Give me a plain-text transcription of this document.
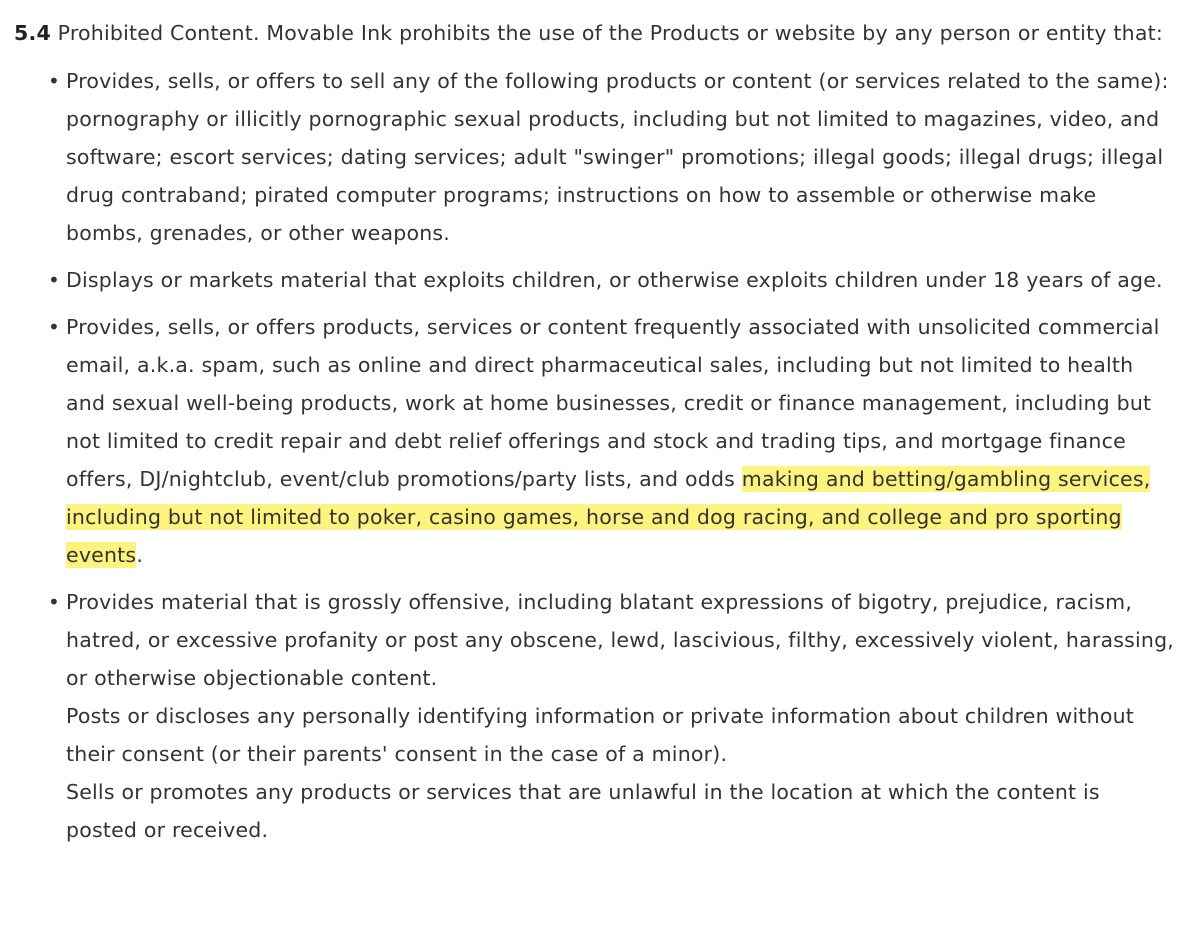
5.4 Prohibited Content. Movable Ink prohibits the use of the Products or website by any person or entity that:

• Provides, sells, or offers to sell any of the following products or content (or services related to the same): pornography or illicitly pornographic sexual products, including but not limited to magazines, video, and software; escort services; dating services; adult "swinger" promotions; illegal goods; illegal drugs; illegal drug contraband; pirated computer programs; instructions on how to assemble or otherwise make bombs, grenades, or other weapons.
• Displays or markets material that exploits children, or otherwise exploits children under 18 years of age.
• Provides, sells, or offers products, services or content frequently associated with unsolicited commercial email, a.k.a. spam, such as online and direct pharmaceutical sales, including but not limited to health and sexual well-being products, work at home businesses, credit or finance management, including but not limited to credit repair and debt relief offerings and stock and trading tips, and mortgage finance offers, DJ/nightclub, event/club promotions/party lists, and odds making and betting/gambling services, including but not limited to poker, casino games, horse and dog racing, and college and pro sporting events.
• Provides material that is grossly offensive, including blatant expressions of bigotry, prejudice, racism, hatred, or excessive profanity or post any obscene, lewd, lascivious, filthy, excessively violent, harassing, or otherwise objectionable content.
Posts or discloses any personally identifying information or private information about children without their consent (or their parents' consent in the case of a minor).
Sells or promotes any products or services that are unlawful in the location at which the content is posted or received.
